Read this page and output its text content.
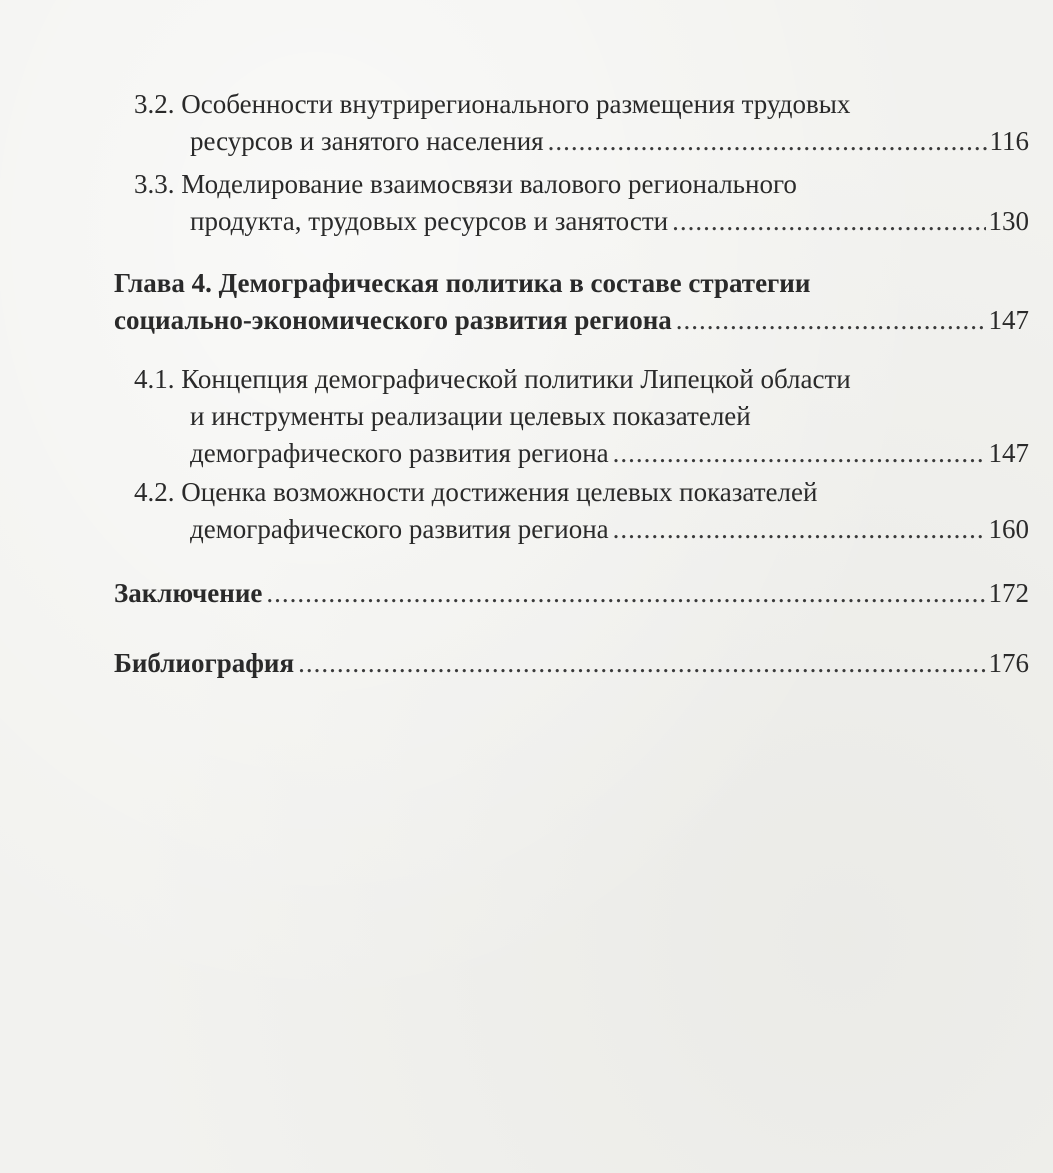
3.2. Особенности внутрирегионального размещения трудовых
ресурсов и занятого населения .....	116
3.3. Моделирование взаимосвязи валового регионального
продукта, трудовых ресурсов и занятости .....	130
Глава 4. Демографическая политика в составе стратегии
социально-экономического развития региона .....	147
4.1. Концепция демографической политики Липецкой области
и инструменты реализации целевых показателей
демографического развития региона .....	147
4.2. Оценка возможности достижения целевых показателей
демографического развития региона .....	160
Заключение .....	172
Библиография .....	176
